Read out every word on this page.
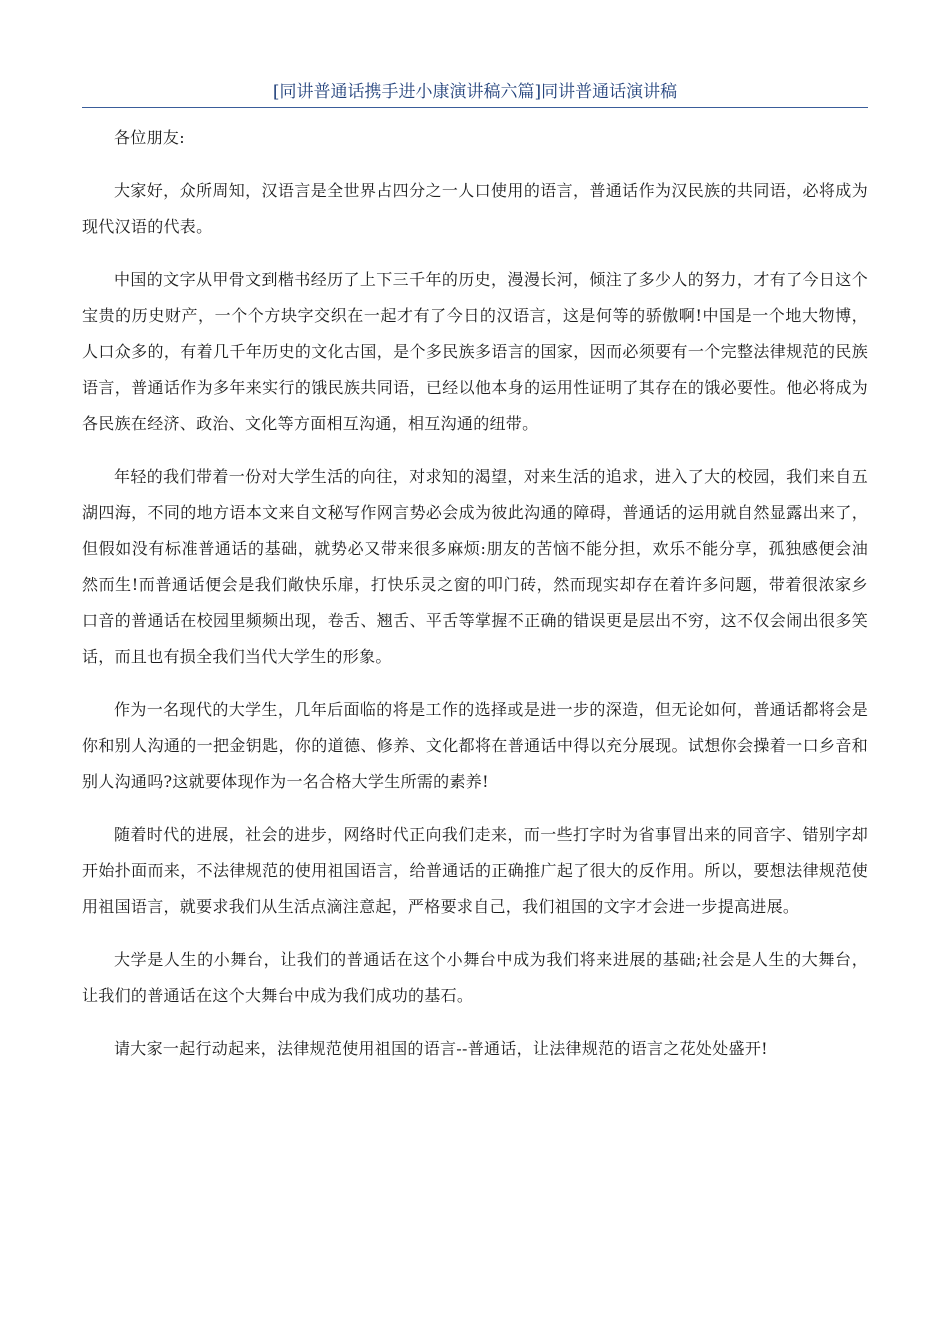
[同讲普通话携手进小康演讲稿六篇]同讲普通话演讲稿

各位朋友:

大家好，众所周知，汉语言是全世界占四分之一人口使用的语言，普通话作为汉民族的共同语，必将成为现代汉语的代表。

中国的文字从甲骨文到楷书经历了上下三千年的历史，漫漫长河，倾注了多少人的努力，才有了今日这个宝贵的历史财产，一个个方块字交织在一起才有了今日的汉语言，这是何等的骄傲啊!中国是一个地大物博，人口众多的，有着几千年历史的文化古国，是个多民族多语言的国家，因而必须要有一个完整法律规范的民族语言，普通话作为多年来实行的饿民族共同语，已经以他本身的运用性证明了其存在的饿必要性。他必将成为各民族在经济、政治、文化等方面相互沟通，相互沟通的纽带。

年轻的我们带着一份对大学生活的向往，对求知的渴望，对来生活的追求，进入了大的校园，我们来自五湖四海，不同的地方语本文来自文秘写作网言势必会成为彼此沟通的障碍，普通话的运用就自然显露出来了，但假如没有标准普通话的基础，就势必又带来很多麻烦:朋友的苦恼不能分担，欢乐不能分享，孤独感便会油然而生!而普通话便会是我们敞快乐扉，打快乐灵之窗的叩门砖，然而现实却存在着许多问题，带着很浓家乡口音的普通话在校园里频频出现，卷舌、翘舌、平舌等掌握不正确的错误更是层出不穷，这不仅会闹出很多笑话，而且也有损全我们当代大学生的形象。

作为一名现代的大学生，几年后面临的将是工作的选择或是进一步的深造，但无论如何，普通话都将会是你和别人沟通的一把金钥匙，你的道德、修养、文化都将在普通话中得以充分展现。试想你会操着一口乡音和别人沟通吗?这就要体现作为一名合格大学生所需的素养!

随着时代的进展，社会的进步，网络时代正向我们走来，而一些打字时为省事冒出来的同音字、错别字却开始扑面而来，不法律规范的使用祖国语言，给普通话的正确推广起了很大的反作用。所以，要想法律规范使用祖国语言，就要求我们从生活点滴注意起，严格要求自己，我们祖国的文字才会进一步提高进展。

大学是人生的小舞台，让我们的普通话在这个小舞台中成为我们将来进展的基础;社会是人生的大舞台，让我们的普通话在这个大舞台中成为我们成功的基石。

请大家一起行动起来，法律规范使用祖国的语言--普通话，让法律规范的语言之花处处盛开!
